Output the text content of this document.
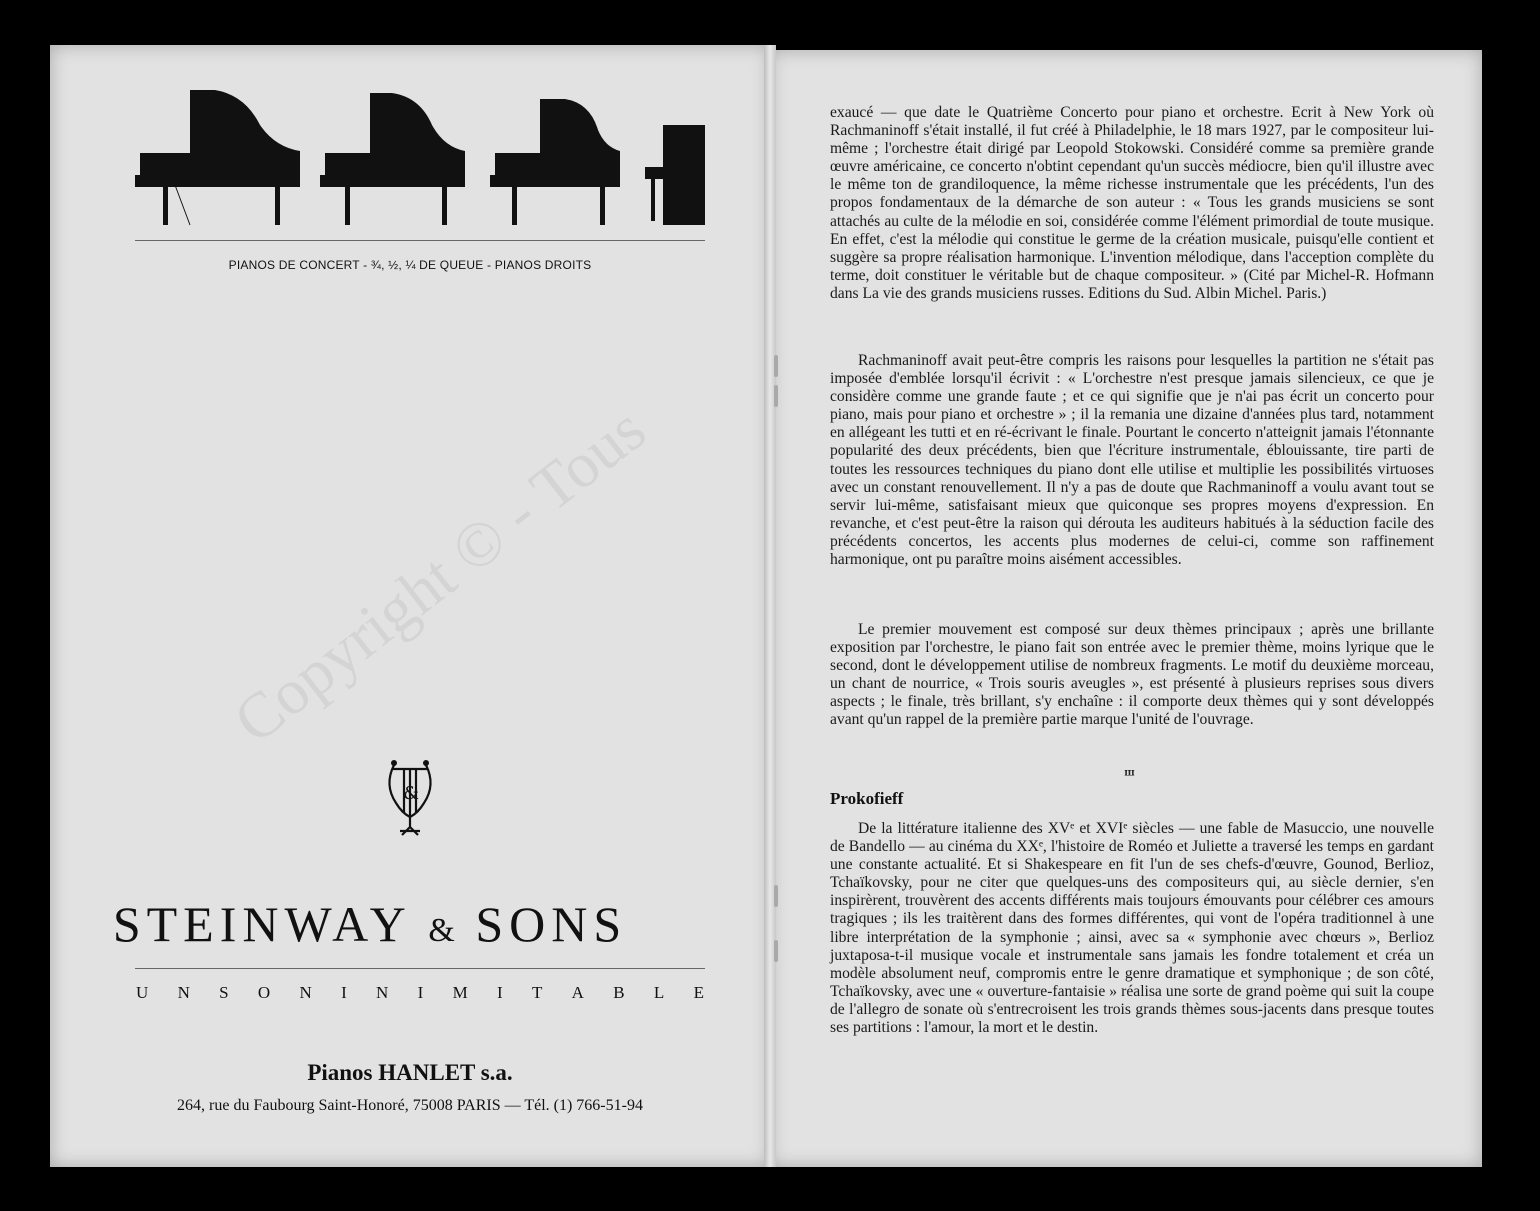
PIANOS DE CONCERT - ¾, ½, ¼ DE QUEUE - PIANOS DROITS
&
STEINWAY & SONS
U N S O N I N I M I T A B L E
Pianos HANLET s.a.
264, rue du Faubourg Saint-Honoré, 75008 PARIS — Tél. (1) 766-51-94

exaucé — que date le Quatrième Concerto pour piano et orchestre. Ecrit à New York où Rachmaninoff s'était installé, il fut créé à Philadelphie, le 18 mars 1927, par le compositeur lui-même ; l'orchestre était dirigé par Leopold Stokowski. Considéré comme sa première grande œuvre américaine, ce concerto n'obtint cependant qu'un succès médiocre, bien qu'il illustre avec le même ton de grandiloquence, la même richesse instrumentale que les précédents, l'un des propos fondamentaux de la démarche de son auteur : « Tous les grands musiciens se sont attachés au culte de la mélodie en soi, considérée comme l'élément primordial de toute musique. En effet, c'est la mélodie qui constitue le germe de la création musicale, puisqu'elle contient et suggère sa propre réalisation harmonique. L'invention mélodique, dans l'acception complète du terme, doit constituer le véritable but de chaque compositeur. » (Cité par Michel-R. Hofmann dans La vie des grands musiciens russes. Editions du Sud. Albin Michel. Paris.)

Rachmaninoff avait peut-être compris les raisons pour lesquelles la partition ne s'était pas imposée d'emblée lorsqu'il écrivit : « L'orchestre n'est presque jamais silencieux, ce que je considère comme une grande faute ; et ce qui signifie que je n'ai pas écrit un concerto pour piano, mais pour piano et orchestre » ; il la remania une dizaine d'années plus tard, notamment en allégeant les tutti et en ré-écrivant le finale. Pourtant le concerto n'atteignit jamais l'étonnante popularité des deux précédents, bien que l'écriture instrumentale, éblouissante, tire parti de toutes les ressources techniques du piano dont elle utilise et multiplie les possibilités virtuoses avec un constant renouvellement. Il n'y a pas de doute que Rachmaninoff a voulu avant tout se servir lui-même, satisfaisant mieux que quiconque ses propres moyens d'expression. En revanche, et c'est peut-être la raison qui dérouta les auditeurs habitués à la séduction facile des précédents concertos, les accents plus modernes de celui-ci, comme son raffinement harmonique, ont pu paraître moins aisément accessibles.

Le premier mouvement est composé sur deux thèmes principaux ; après une brillante exposition par l'orchestre, le piano fait son entrée avec le premier thème, moins lyrique que le second, dont le développement utilise de nombreux fragments. Le motif du deuxième morceau, un chant de nourrice, « Trois souris aveugles », est présenté à plusieurs reprises sous divers aspects ; le finale, très brillant, s'y enchaîne : il comporte deux thèmes qui y sont développés avant qu'un rappel de la première partie marque l'unité de l'ouvrage.

Ⱎ
Prokofieff

De la littérature italienne des XVᵉ et XVIᵉ siècles — une fable de Masuccio, une nouvelle de Bandello — au cinéma du XXᵉ, l'histoire de Roméo et Juliette a traversé les temps en gardant une constante actualité. Et si Shakespeare en fit l'un de ses chefs-d'œuvre, Gounod, Berlioz, Tchaïkovsky, pour ne citer que quelques-uns des compositeurs qui, au siècle dernier, s'en inspirèrent, trouvèrent des accents différents mais toujours émouvants pour célébrer ces amours tragiques ; ils les traitèrent dans des formes différentes, qui vont de l'opéra traditionnel à une libre interprétation de la symphonie ; ainsi, avec sa « symphonie avec chœurs », Berlioz juxtaposa-t-il musique vocale et instrumentale sans jamais les fondre totalement et créa un modèle absolument neuf, compromis entre le genre dramatique et symphonique ; de son côté, Tchaïkovsky, avec une « ouverture-fantaisie » réalisa une sorte de grand poème qui suit la coupe de l'allegro de sonate où s'entrecroisent les trois grands thèmes sous-jacents dans presque toutes ses partitions : l'amour, la mort et le destin.
